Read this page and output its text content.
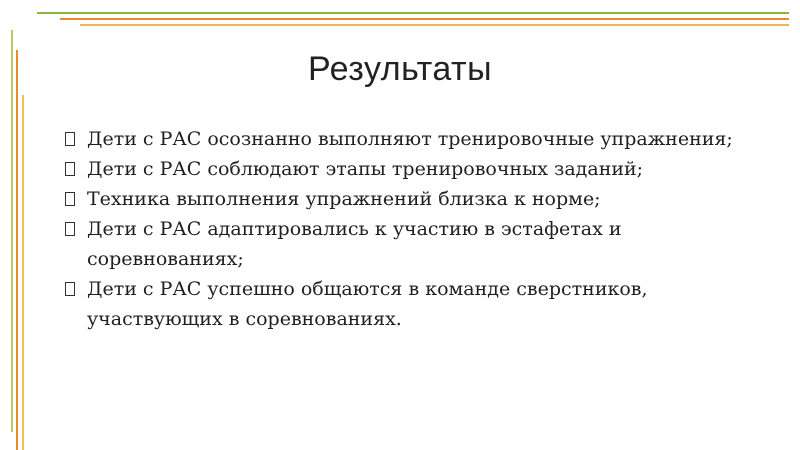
Результаты
Дети с РАС осознанно выполняют тренировочные упражнения;
Дети с РАС соблюдают этапы тренировочных заданий;
Техника выполнения упражнений близка к норме;
Дети с РАС адаптировались к участию в эстафетах и соревнованиях;
Дети с РАС успешно общаются в команде сверстников, участвующих в соревнованиях.
